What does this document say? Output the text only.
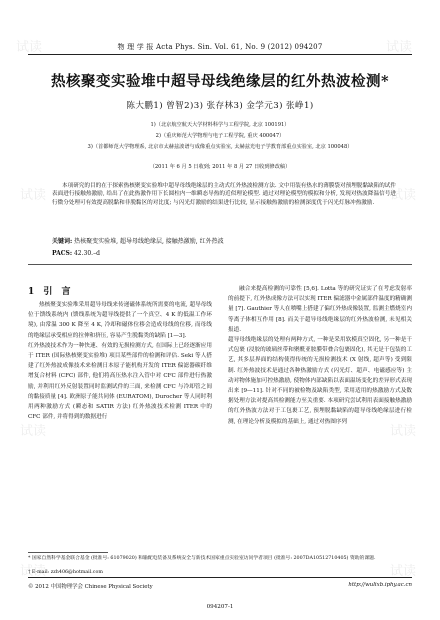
试读	试读
试读	试读
试读	试读
试读	试读
物 理 学 报 Acta Phys. Sin. Vol. 61, No. 9 (2012) 094207
热核聚变实验堆中超导母线绝缘层的红外热波检测*
陈大鹏1) 曾智2)3) 张存林3) 金学元3) 张峥1)
1)（北京航空航天大学材料科学与工程学院, 北京 100191）
2)（重庆师范大学物理与电子工程学院, 重庆 400047）
3)（首都师范大学物理系, 北京市太赫兹波谱与成像重点实验室, 太赫兹光电子学教育部重点实验室, 北京 100048）
（2011 年 6 月 5 日收到; 2011 年 8 月 27 日收到修改稿）
本项研究的目的在于探索热核聚变实验堆中超导母线绝缘层的主动式红外热波检测方法. 文中用装有热水的薄膜袋对预埋脱黏缺陷的试件表面进行接触热激励, 给出了在此热激作用下长圆柱内一维瞬态导热的近似理论模型. 通过对理论模型的模拟和分析, 发现对热波降温信号进行微分处理可有效提高脱黏和非脱黏区的对比度; 与闪光灯激励的结果进行比较, 显示接触热激励的检测深度优于闪光灯脉冲热激励.
关键词: 热核聚变实验堆, 超导母线绝缘层, 接触热激励, 红外热波
PACS: 42.30.–d
1 引 言
热核聚变实验堆采用超导母线来传递磁体系统所需要的电流, 超导母线位于馈线系统内 (馈线系统为超导线提供了一个真空、4 K 的低温工作环境), 由常温 300 K 降至 4 K, 冷却和磁体位移会造成母线的位移, 而母线的绝缘层承受相应的拉伸和挤压, 容易产生脱黏类的缺陷 [1—3].
红外热波技术作为一种快速、有效的无损检测方式, 在国际上已经逐渐应用于 ITER (国际热核聚变实验堆) 项目某些部件的检测和评估. Seki 等人搭建了红外热波成像技术来检测日本原子能机构开发的 ITER 偏滤器碳纤维增复合材料 (CFC) 部件, 他们将高压热水注入管中对 CFC 部件进行热激励, 并利用红外反射装置同时监测试件的三面, 来检测 CFC 与冷却管之间的黏接质量 [4]. 欧洲原子能共同体 (EURATOM), Durocher 等人同时利用两种激励方式 (瞬态和 SATIR 方法) 红外热波技术检测 ITER 中的 CFC 部件, 并将得到的数据进行
融合来提高检测的可靠性 [5,6]. Lotta 等的研究证实了在考虑发射率的前提下, 红外热成像方法可以实现 ITER 偏滤器中金属部件温度的精确测量 [7]. Gauthier 等人在喷嘴上搭建了偏红外热成像装置, 监测主燃烧室内等离子体相互作用 [8]. 而关于超导母线绝缘层的红外热波检测, 未见相关报道.
超导母线绝缘层的处理有两种方式, 一种是采用软模真空固化, 另一种是干式包裹 (浸胶的玻璃丝带和聚酰亚胺膜带叠合包裹固化), 其无是干包装的工艺, 其多层界面的结构使得传统的无损检测技术 (X 射线, 超声等) 受到限制. 红外热波技术是通过各种热激励方式 (闪光灯、超声、电磁感应等) 主动对物体施加可控热激励, 使物体内部缺陷以表面温场变化的差异形式表现出来 [9—11]. 针对不同的被检物及缺陷类型, 采用适用的热激励方式及数据处理方法对提高其检测能力至关重要. 本项研究尝试利用表面接触热激励的红外热波方法对于工包裹工艺, 预埋脱黏缺陷的超导母线绝缘层进行检测, 在理论分析及模拟的基础上, 通过对热图序列
* 国家自然科学基金联合基金 (批准号: 61079020) 和输配电装备及系统安全与新技术国家重点实验室访问学者项目 (批准号: 2007DA10512710405) 资助的课题.
† E-mail: zzh406@hotmail.com
© 2012 中国物理学会 Chinese Physical Society	http://wulixb.iphy.ac.cn
094207-1
